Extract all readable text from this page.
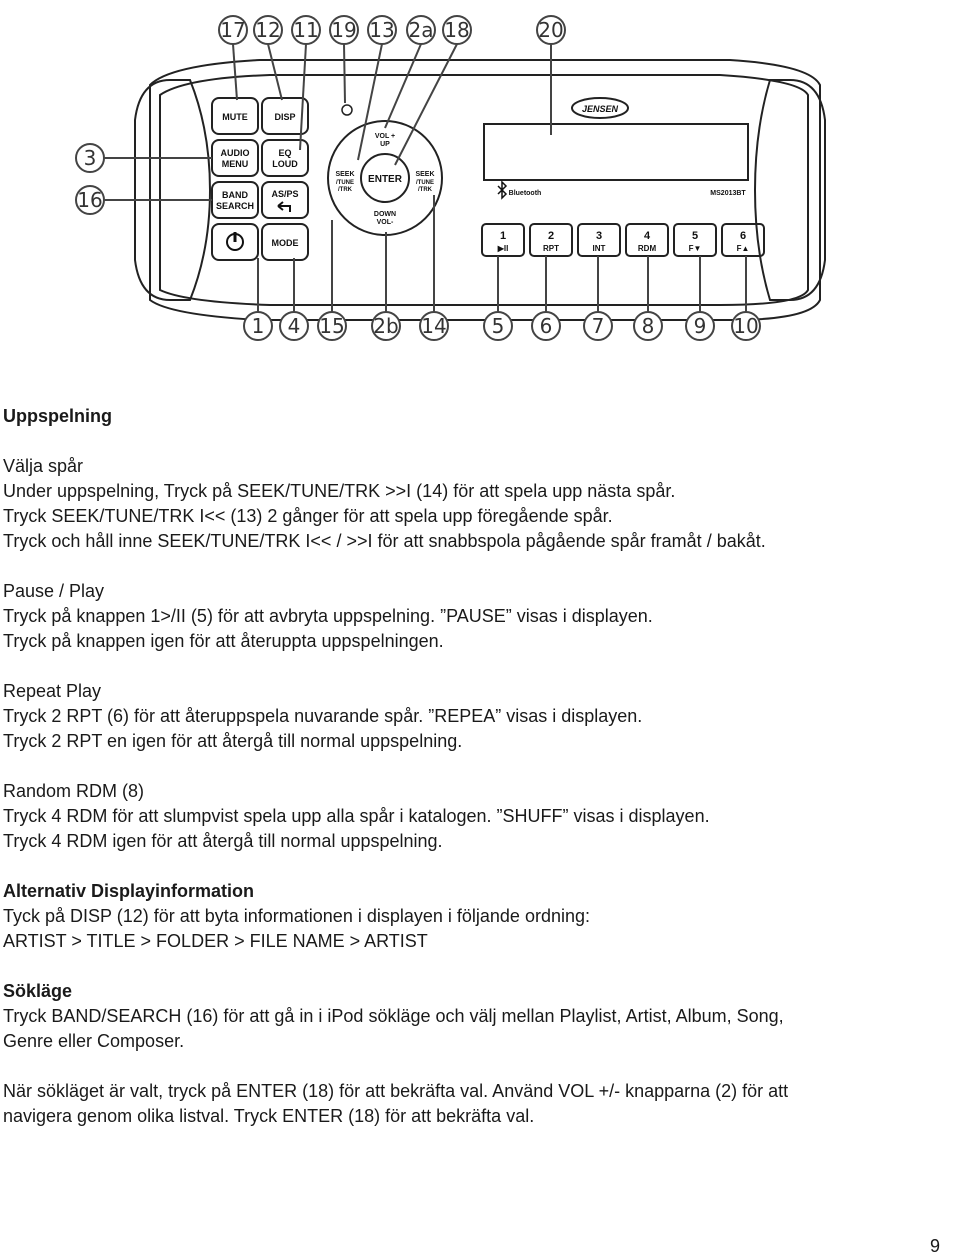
MUTE	DISP
AUDIO
MENU
EQ
LOUD
BAND
SEARCH
AS/PS
MODE
ENTER
VOL +
UP
DOWN
VOL-
SEEK
/TUNE
/TRK
SEEK
/TUNE
/TRK
JENSEN
Bluetooth	MS2013BT
1
▶II
2
RPT
3
INT
4
RDM
5
F▼
6
F▲
17 12 11 19 13 2a 18	20
3
16
1 4 15 2b 14 5 6 7 8 9 10
Uppspelning
Välja spår
Under uppspelning, Tryck på SEEK/TUNE/TRK >>I (14) för att spela upp nästa spår.
Tryck SEEK/TUNE/TRK I<< (13) 2 gånger för att spela upp föregående spår.
Tryck och håll inne SEEK/TUNE/TRK I<< / >>I för att snabbspola pågående spår framåt / bakåt.
Pause / Play
Tryck på knappen 1>/II (5) för att avbryta uppspelning. ”PAUSE” visas i displayen.
Tryck på knappen igen för att återuppta uppspelningen.
Repeat Play
Tryck 2 RPT (6) för att återuppspela nuvarande spår. ”REPEA” visas i displayen.
Tryck 2 RPT en igen för att återgå till normal uppspelning.
Random RDM (8)
Tryck 4 RDM för att slumpvist spela upp alla spår i katalogen. ”SHUFF” visas i displayen.
Tryck 4 RDM igen för att återgå till normal uppspelning.
Alternativ Displayinformation
Tyck på DISP (12) för att byta informationen i displayen i följande ordning:
ARTIST > TITLE > FOLDER > FILE NAME > ARTIST
Sökläge
Tryck BAND/SEARCH (16) för att gå in i iPod sökläge och välj mellan Playlist, Artist, Album, Song,
Genre eller Composer.
När sökläget är valt, tryck på ENTER (18) för att bekräfta val. Använd VOL +/- knapparna (2) för att
navigera genom olika listval. Tryck ENTER (18) för att bekräfta val.
9
